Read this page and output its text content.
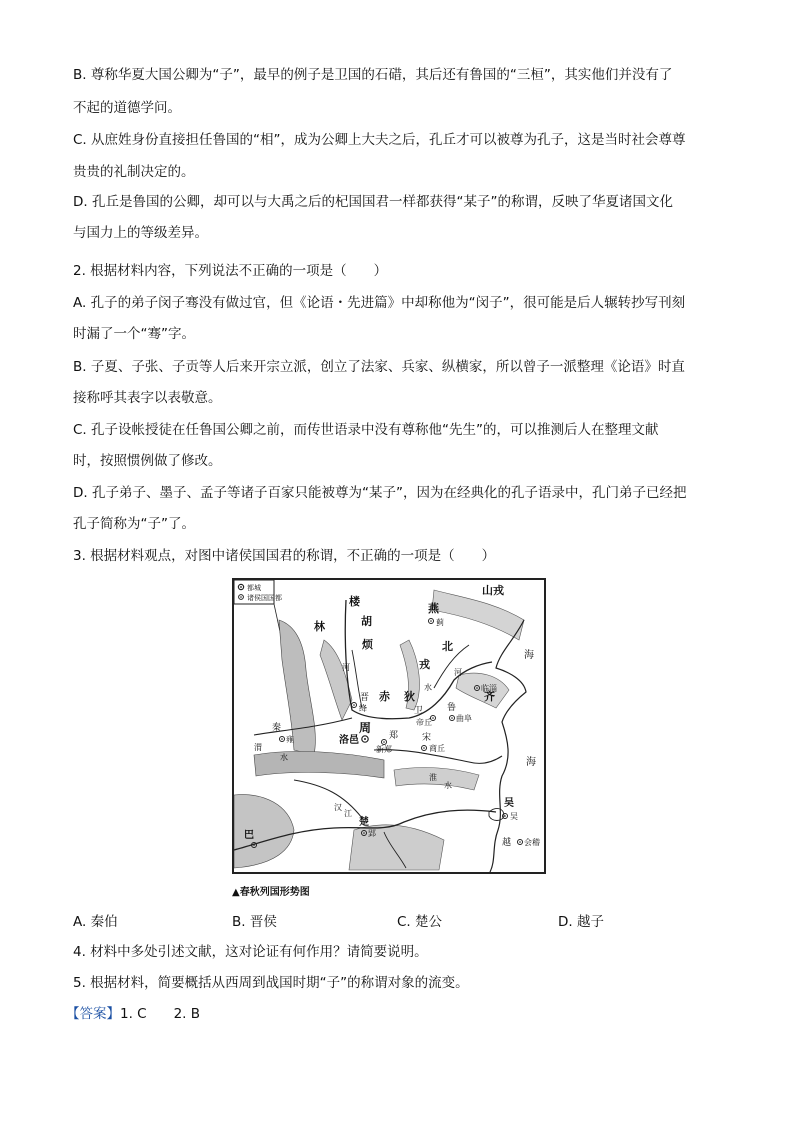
B. 尊称华夏大国公卿为“子”，最早的例子是卫国的石碏，其后还有鲁国的“三桓”，其实他们并没有了
不起的道德学问。
C. 从庶姓身份直接担任鲁国的“相”，成为公卿上大夫之后，孔丘才可以被尊为孔子，这是当时社会尊尊
贵贵的礼制决定的。
D. 孔丘是鲁国的公卿，却可以与大禹之后的杞国国君一样都获得“某子”的称谓，反映了华夏诸国文化
与国力上的等级差异。
2. 根据材料内容，下列说法不正确的一项是（　　）
A. 孔子的弟子闵子骞没有做过官，但《论语・先进篇》中却称他为“闵子”，很可能是后人辗转抄写刊刻
时漏了一个“骞”字。
B. 子夏、子张、子贡等人后来开宗立派，创立了法家、兵家、纵横家，所以曾子一派整理《论语》时直
接称呼其表字以表敬意。
C. 孔子设帐授徒在任鲁国公卿之前，而传世语录中没有尊称他“先生”的，可以推测后人在整理文献
时，按照惯例做了修改。
D. 孔子弟子、墨子、孟子等诸子百家只能被尊为“某子”，因为在经典化的孔子语录中，孔门弟子已经把
孔子简称为“子”了。
3. 根据材料观点，对图中诸侯国国君的称谓，不正确的一项是（　　）
都城
诸侯国国都
山戎
楼
燕
蓟
林	胡
烦	北
戎
河
河
水
赤 狄
晋
绛
周
洛邑
卫
帝丘
鲁
曲阜
齐
临淄
海
秦
雍
渭
水
郑
新郑
宋
商丘
海
淮
水
汉
江
楚
郢
巴
吴
吴
越 会稽
▲春秋列国形势图
A. 秦伯	B. 晋侯	C. 楚公	D. 越子
4. 材料中多处引述文献，这对论证有何作用？请简要说明。
5. 根据材料，简要概括从西周到战国时期“子”的称谓对象的流变。
【答案】1. C　　2. B
